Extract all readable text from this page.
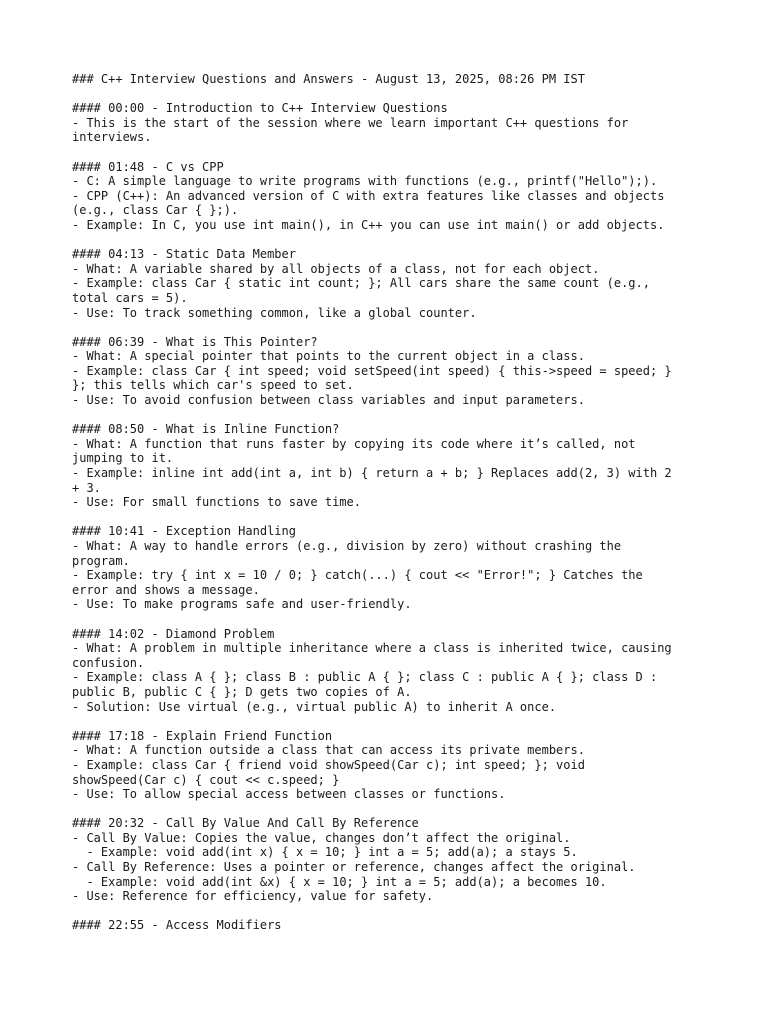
### C++ Interview Questions and Answers - August 13, 2025, 08:26 PM IST
#### 00:00 - Introduction to C++ Interview Questions
- This is the start of the session where we learn important C++ questions for
interviews.
#### 01:48 - C vs CPP
- C: A simple language to write programs with functions (e.g., printf("Hello");).
- CPP (C++): An advanced version of C with extra features like classes and objects
(e.g., class Car { };).
- Example: In C, you use int main(), in C++ you can use int main() or add objects.
#### 04:13 - Static Data Member
- What: A variable shared by all objects of a class, not for each object.
- Example: class Car { static int count; }; All cars share the same count (e.g.,
total cars = 5).
- Use: To track something common, like a global counter.
#### 06:39 - What is This Pointer?
- What: A special pointer that points to the current object in a class.
- Example: class Car { int speed; void setSpeed(int speed) { this->speed = speed; }
}; this tells which car's speed to set.
- Use: To avoid confusion between class variables and input parameters.
#### 08:50 - What is Inline Function?
- What: A function that runs faster by copying its code where it’s called, not
jumping to it.
- Example: inline int add(int a, int b) { return a + b; } Replaces add(2, 3) with 2
+ 3.
- Use: For small functions to save time.
#### 10:41 - Exception Handling
- What: A way to handle errors (e.g., division by zero) without crashing the
program.
- Example: try { int x = 10 / 0; } catch(...) { cout << "Error!"; } Catches the
error and shows a message.
- Use: To make programs safe and user-friendly.
#### 14:02 - Diamond Problem
- What: A problem in multiple inheritance where a class is inherited twice, causing
confusion.
- Example: class A { }; class B : public A { }; class C : public A { }; class D :
public B, public C { }; D gets two copies of A.
- Solution: Use virtual (e.g., virtual public A) to inherit A once.
#### 17:18 - Explain Friend Function
- What: A function outside a class that can access its private members.
- Example: class Car { friend void showSpeed(Car c); int speed; }; void
showSpeed(Car c) { cout << c.speed; }
- Use: To allow special access between classes or functions.
#### 20:32 - Call By Value And Call By Reference
- Call By Value: Copies the value, changes don’t affect the original.
- Example: void add(int x) { x = 10; } int a = 5; add(a); a stays 5.
- Call By Reference: Uses a pointer or reference, changes affect the original.
- Example: void add(int &x) { x = 10; } int a = 5; add(a); a becomes 10.
- Use: Reference for efficiency, value for safety.
#### 22:55 - Access Modifiers
